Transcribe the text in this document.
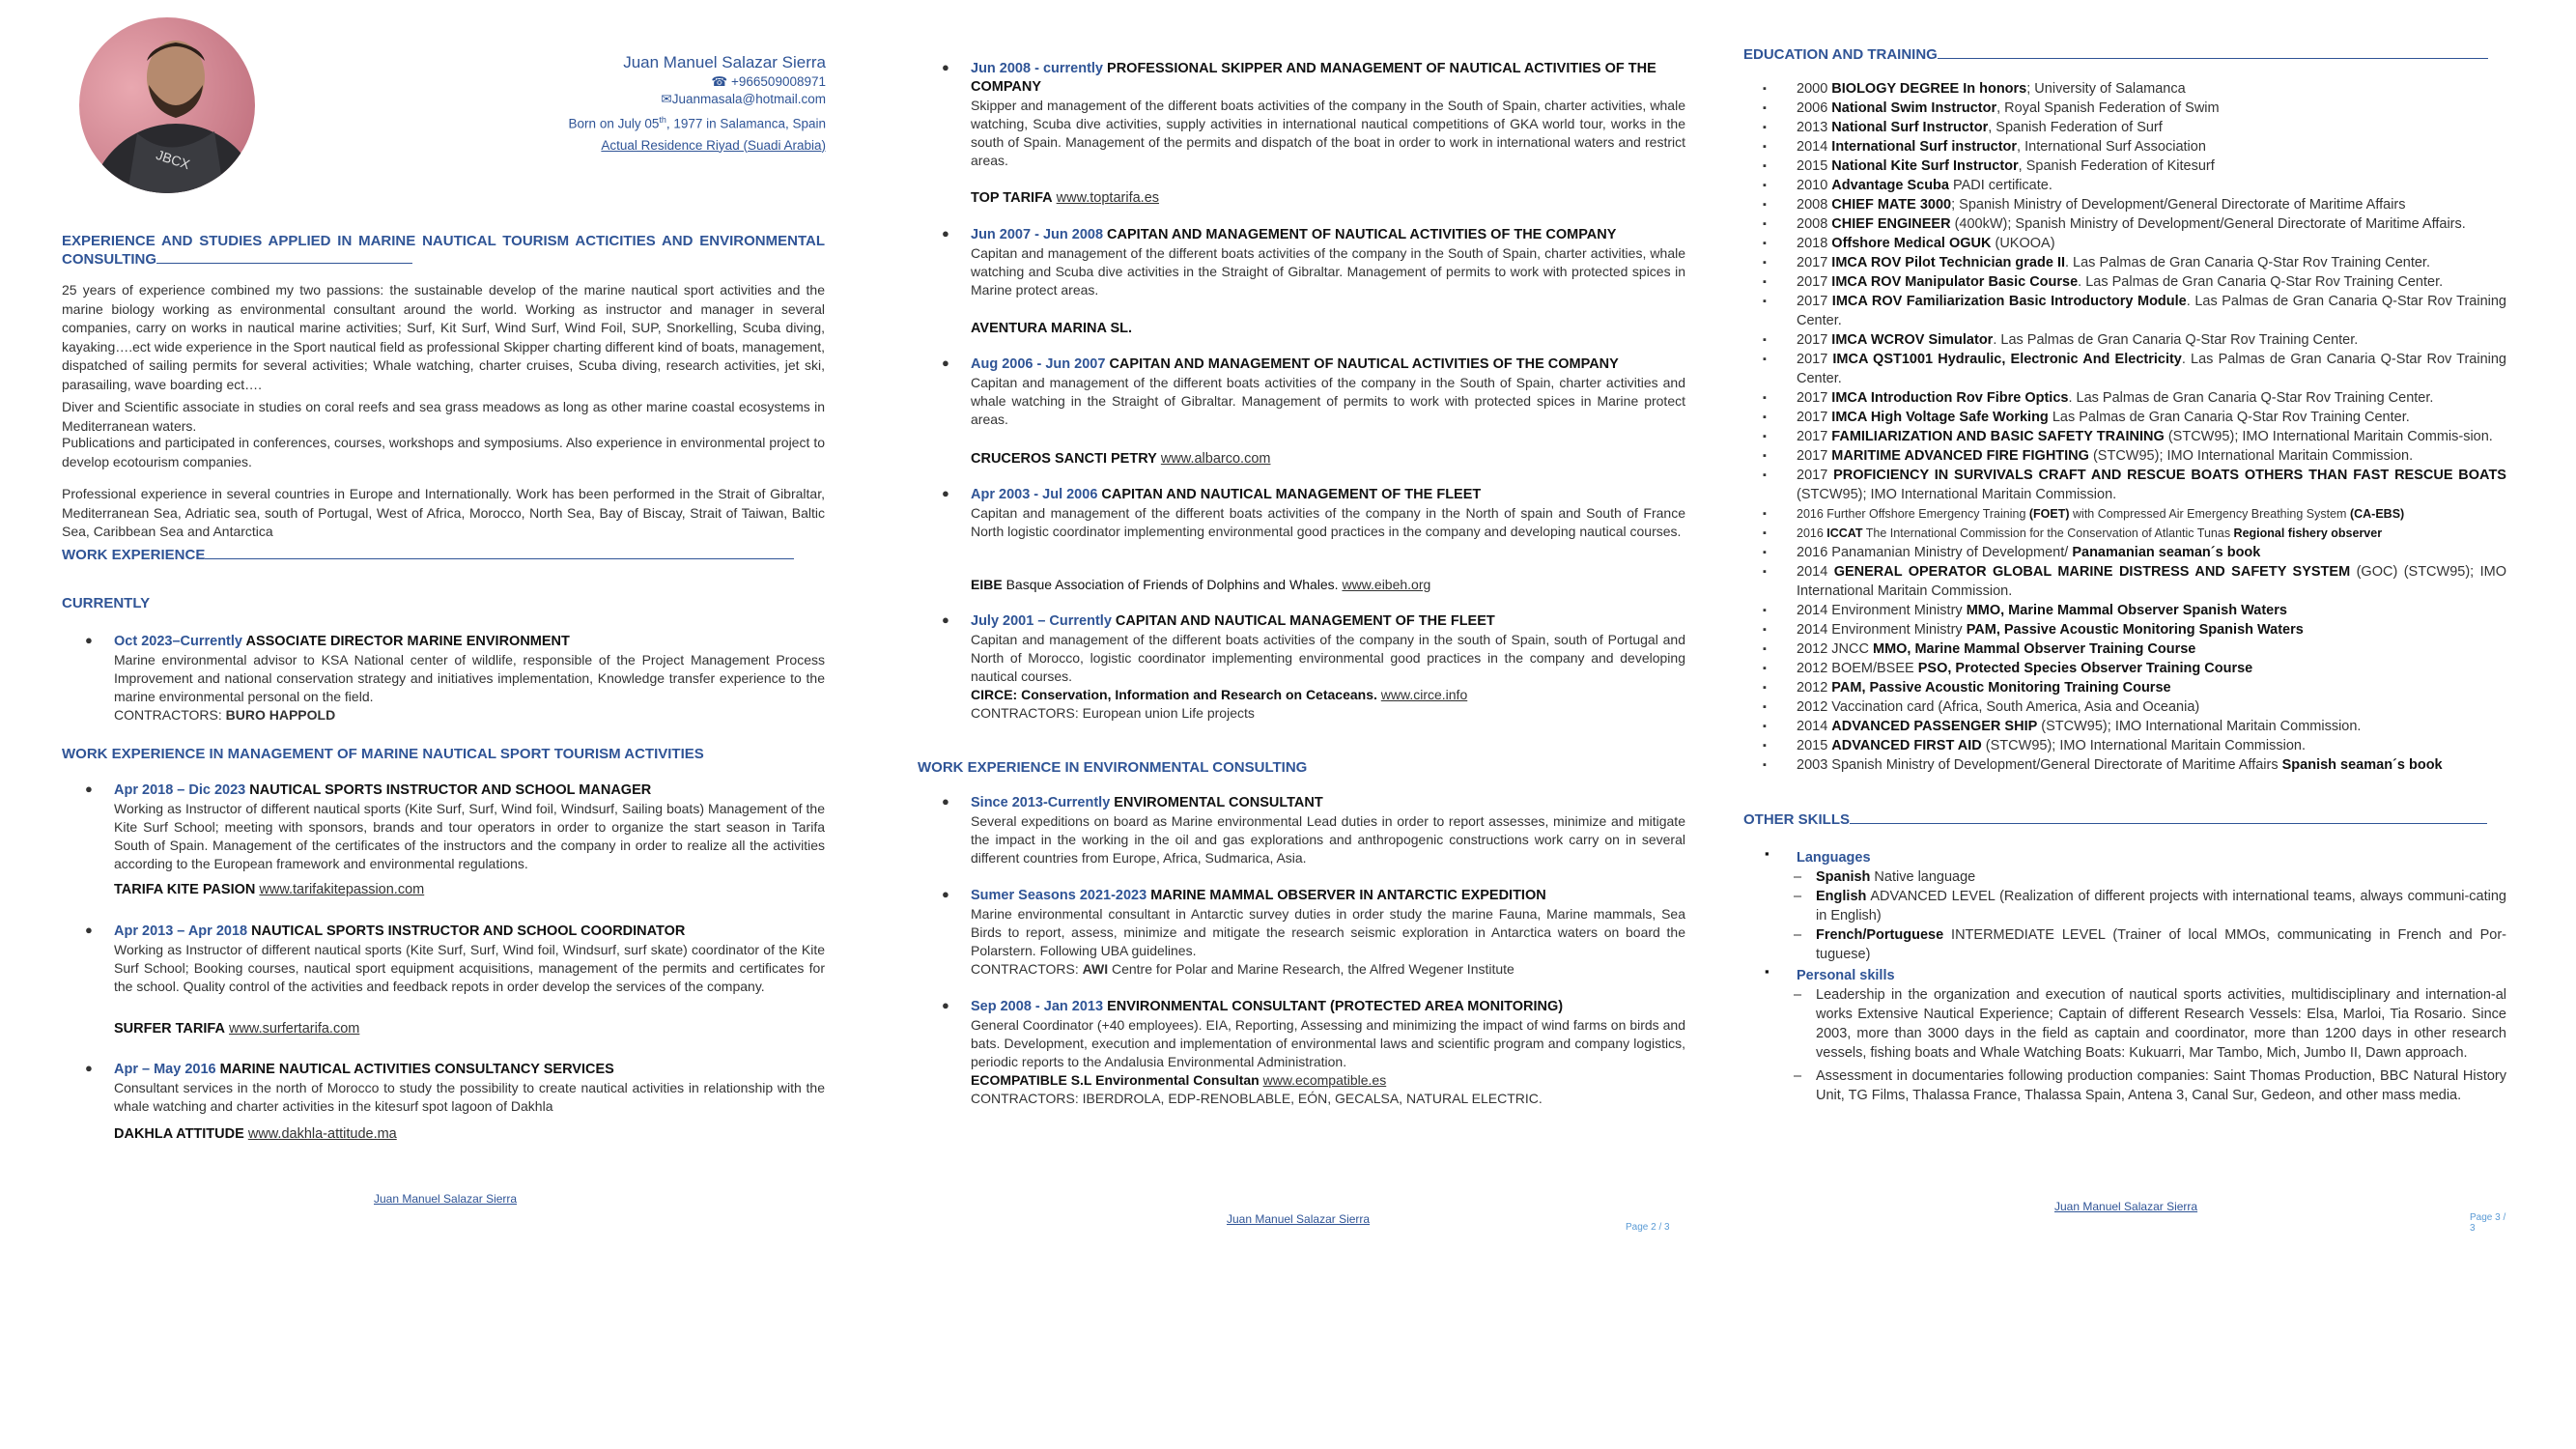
JBCX
Juan Manuel Salazar Sierra
☎ +966509008971
✉Juanmasala@hotmail.com
Born on July 05th, 1977 in Salamanca, Spain
Actual Residence Riyad (Suadi Arabia)
EXPERIENCE AND STUDIES APPLIED IN MARINE NAUTICAL TOURISM ACTICITIES AND ENVIRONMENTAL CONSULTING
25 years of experience combined my two passions: the sustainable develop of the marine nautical sport activities and the marine biology working as environmental consultant around the world. Working as instructor and manager in several companies, carry on works in nautical marine activities; Surf, Kit Surf, Wind Surf, Wind Foil, SUP, Snorkelling, Scuba diving, kayaking….ect wide experience in the Sport nautical field as professional Skipper charting different kind of boats, management, dispatched of sailing permits for several activities; Whale watching, charter cruises, Scuba diving, research activities, jet ski, parasailing, wave boarding ect….
Diver and Scientific associate in studies on coral reefs and sea grass meadows as long as other marine coastal ecosystems in Mediterranean waters.
Publications and participated in conferences, courses, workshops and symposiums. Also experience in environmental project to develop ecotourism companies.
Professional experience in several countries in Europe and Internationally. Work has been performed in the Strait of Gibraltar, Mediterranean Sea, Adriatic sea, south of Portugal, West of Africa, Morocco, North Sea, Bay of Biscay, Strait of Taiwan, Baltic Sea, Caribbean Sea and Antarctica
WORK EXPERIENCE
CURRENTLY
● Oct 2023–Currently ASSOCIATE DIRECTOR MARINE ENVIRONMENT
Marine environmental advisor to KSA National center of wildlife, responsible of the Project Management Process Improvement and national conservation strategy and initiatives implementation, Knowledge transfer experience to the marine environmental personal on the field.
CONTRACTORS: BURO HAPPOLD
WORK EXPERIENCE IN MANAGEMENT OF MARINE NAUTICAL SPORT TOURISM ACTIVITIES
● Apr 2018 – Dic 2023 NAUTICAL SPORTS INSTRUCTOR AND SCHOOL MANAGER
Working as Instructor of different nautical sports (Kite Surf, Surf, Wind foil, Windsurf, Sailing boats) Management of the Kite Surf School; meeting with sponsors, brands and tour operators in order to organize the start season in Tarifa South of Spain. Management of the certificates of the instructors and the company in order to realize all the activities according to the European framework and environmental regulations.
TARIFA KITE PASION www.tarifakitepassion.com
● Apr 2013 – Apr 2018 NAUTICAL SPORTS INSTRUCTOR AND SCHOOL COORDINATOR
Working as Instructor of different nautical sports (Kite Surf, Surf, Wind foil, Windsurf, surf skate) coordinator of the Kite Surf School; Booking courses, nautical sport equipment acquisitions, management of the permits and certificates for the school. Quality control of the activities and feedback repots in order develop the services of the company.
SURFER TARIFA www.surfertarifa.com
● Apr – May 2016 MARINE NAUTICAL ACTIVITIES CONSULTANCY SERVICES
Consultant services in the north of Morocco to study the possibility to create nautical activities in relationship with the whale watching and charter activities in the kitesurf spot lagoon of Dakhla
DAKHLA ATTITUDE www.dakhla-attitude.ma
Juan Manuel Salazar Sierra
● Jun 2008 - currently PROFESSIONAL SKIPPER AND MANAGEMENT OF NAUTICAL ACTIVITIES OF THE COMPANY
Skipper and management of the different boats activities of the company in the South of Spain, charter activities, whale watching, Scuba dive activities, supply activities in international nautical competitions of GKA world tour, works in the south of Spain. Management of the permits and dispatch of the boat in order to work in international waters and restrict areas.
TOP TARIFA www.toptarifa.es
● Jun 2007 - Jun 2008 CAPITAN AND MANAGEMENT OF NAUTICAL ACTIVITIES OF THE COMPANY
Capitan and management of the different boats activities of the company in the South of Spain, charter activities, whale watching and Scuba dive activities in the Straight of Gibraltar. Management of permits to work with protected spices in Marine protect areas.
AVENTURA MARINA SL.
● Aug 2006 - Jun 2007 CAPITAN AND MANAGEMENT OF NAUTICAL ACTIVITIES OF THE COMPANY
Capitan and management of the different boats activities of the company in the South of Spain, charter activities and whale watching in the Straight of Gibraltar. Management of permits to work with protected spices in Marine protect areas.
CRUCEROS SANCTI PETRY www.albarco.com
● Apr 2003 - Jul 2006 CAPITAN AND NAUTICAL MANAGEMENT OF THE FLEET
Capitan and management of the different boats activities of the company in the North of spain and South of France North logistic coordinator implementing environmental good practices in the company and developing nautical courses.
EIBE Basque Association of Friends of Dolphins and Whales. www.eibeh.org
● July 2001 – Currently CAPITAN AND NAUTICAL MANAGEMENT OF THE FLEET
Capitan and management of the different boats activities of the company in the south of Spain, south of Portugal and North of Morocco, logistic coordinator implementing environmental good practices in the company and developing nautical courses.
CIRCE: Conservation, Information and Research on Cetaceans. www.circe.info
CONTRACTORS: European union Life projects
WORK EXPERIENCE IN ENVIRONMENTAL CONSULTING
● Since 2013-Currently ENVIROMENTAL CONSULTANT
Several expeditions on board as Marine environmental Lead duties in order to report assesses, minimize and mitigate the impact in the working in the oil and gas explorations and anthropogenic constructions work carry on in several different countries from Europe, Africa, Sudmarica, Asia.
● Sumer Seasons 2021-2023 MARINE MAMMAL OBSERVER IN ANTARCTIC EXPEDITION
Marine environmental consultant in Antarctic survey duties in order study the marine Fauna, Marine mammals, Sea Birds to report, assess, minimize and mitigate the research seismic exploration in Antarctica waters on board the Polarstern. Following UBA guidelines.
CONTRACTORS: AWI Centre for Polar and Marine Research, the Alfred Wegener Institute
● Sep 2008 - Jan 2013 ENVIRONMENTAL CONSULTANT (PROTECTED AREA MONITORING)
General Coordinator (+40 employees). EIA, Reporting, Assessing and minimizing the impact of wind farms on birds and bats. Development, execution and implementation of environmental laws and scientific program and company logistics, periodic reports to the Andalusia Environmental Administration.
ECOMPATIBLE S.L Environmental Consultan www.ecompatible.es
CONTRACTORS: IBERDROLA, EDP-RENOBLABLE, EÓN, GECALSA, NATURAL ELECTRIC.
Juan Manuel Salazar Sierra
Page 2 / 3
EDUCATION AND TRAINING
▪ 2000 BIOLOGY DEGREE In honors; University of Salamanca
▪ 2006 National Swim Instructor, Royal Spanish Federation of Swim
▪ 2013 National Surf Instructor, Spanish Federation of Surf
▪ 2014 International Surf instructor, International Surf Association
▪ 2015 National Kite Surf Instructor, Spanish Federation of Kitesurf
▪ 2010 Advantage Scuba PADI certificate.
▪ 2008 CHIEF MATE 3000; Spanish Ministry of Development/General Directorate of Maritime Affairs
▪ 2008 CHIEF ENGINEER (400kW); Spanish Ministry of Development/General Directorate of Maritime Affairs.
▪ 2018 Offshore Medical OGUK (UKOOA)
▪ 2017 IMCA ROV Pilot Technician grade II. Las Palmas de Gran Canaria Q-Star Rov Training Center.
▪ 2017 IMCA ROV Manipulator Basic Course. Las Palmas de Gran Canaria Q-Star Rov Training Center.
▪ 2017 IMCA ROV Familiarization Basic Introductory Module. Las Palmas de Gran Canaria Q-Star Rov Training Center.
▪ 2017 IMCA WCROV Simulator. Las Palmas de Gran Canaria Q-Star Rov Training Center.
▪ 2017 IMCA QST1001 Hydraulic, Electronic And Electricity. Las Palmas de Gran Canaria Q-Star Rov Training Center.
▪ 2017 IMCA Introduction Rov Fibre Optics. Las Palmas de Gran Canaria Q-Star Rov Training Center.
▪ 2017 IMCA High Voltage Safe Working Las Palmas de Gran Canaria Q-Star Rov Training Center.
▪ 2017 FAMILIARIZATION AND BASIC SAFETY TRAINING (STCW95); IMO International Maritain Commis-sion.
▪ 2017 MARITIME ADVANCED FIRE FIGHTING (STCW95); IMO International Maritain Commission.
▪ 2017 PROFICIENCY IN SURVIVALS CRAFT AND RESCUE BOATS OTHERS THAN FAST RESCUE BOATS (STCW95); IMO International Maritain Commission.
▪ 2016 Further Offshore Emergency Training (FOET) with Compressed Air Emergency Breathing System (CA-EBS)
▪ 2016 ICCAT The International Commission for the Conservation of Atlantic Tunas Regional fishery observer
▪ 2016 Panamanian Ministry of Development/ Panamanian seaman´s book
▪ 2014 GENERAL OPERATOR GLOBAL MARINE DISTRESS AND SAFETY SYSTEM (GOC) (STCW95); IMO International Maritain Commission.
▪ 2014 Environment Ministry MMO, Marine Mammal Observer Spanish Waters
▪ 2014 Environment Ministry PAM, Passive Acoustic Monitoring Spanish Waters
▪ 2012 JNCC MMO, Marine Mammal Observer Training Course
▪ 2012 BOEM/BSEE PSO, Protected Species Observer Training Course
▪ 2012 PAM, Passive Acoustic Monitoring Training Course
▪ 2012 Vaccination card (Africa, South America, Asia and Oceania)
▪ 2014 ADVANCED PASSENGER SHIP (STCW95); IMO International Maritain Commission.
▪ 2015 ADVANCED FIRST AID (STCW95); IMO International Maritain Commission.
▪ 2003 Spanish Ministry of Development/General Directorate of Maritime Affairs Spanish seaman´s book
OTHER SKILLS
▪ Languages
– Spanish Native language
– English ADVANCED LEVEL (Realization of different projects with international teams, always communi-cating in English)
– French/Portuguese INTERMEDIATE LEVEL (Trainer of local MMOs, communicating in French and Por-tuguese)
▪ Personal skills
– Leadership in the organization and execution of nautical sports activities, multidisciplinary and internation-al works Extensive Nautical Experience; Captain of different Research Vessels: Elsa, Marloi, Tia Rosario. Since 2003, more than 3000 days in the field as captain and coordinator, more than 1200 days in other research vessels, fishing boats and Whale Watching Boats: Kukuarri, Mar Tambo, Mich, Jumbo II, Dawn approach.
– Assessment in documentaries following production companies: Saint Thomas Production, BBC Natural History Unit, TG Films, Thalassa France, Thalassa Spain, Antena 3, Canal Sur, Gedeon, and other mass media.
Juan Manuel Salazar Sierra
Page 3 / 3
